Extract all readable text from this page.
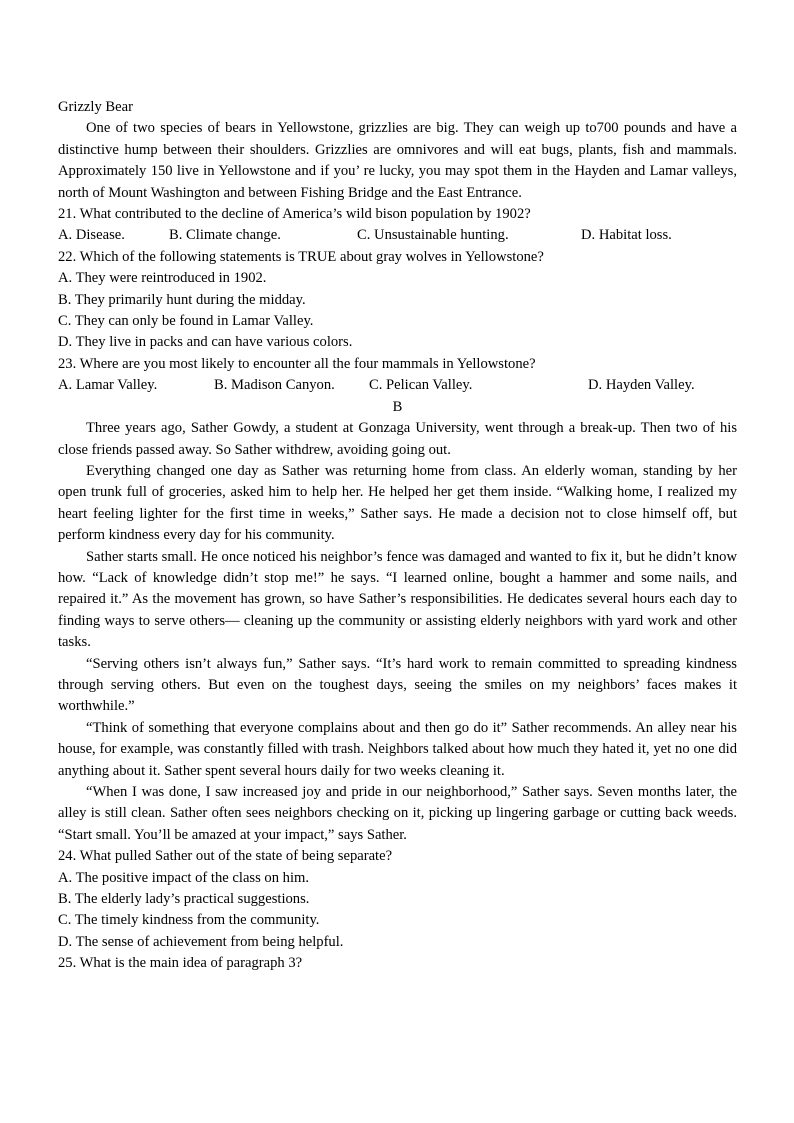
Grizzly Bear

One of two species of bears in Yellowstone, grizzlies are big. They can weigh up to700 pounds and have a distinctive hump between their shoulders. Grizzlies are omnivores and will eat bugs, plants, fish and mammals. Approximately 150 live in Yellowstone and if you’ re lucky, you may spot them in the Hayden and Lamar valleys, north of Mount Washington and between Fishing Bridge and the East Entrance.

21. What contributed to the decline of America’s wild bison population by 1902?

A. Disease.	B. Climate change.	C. Unsustainable hunting.	D. Habitat loss.

22. Which of the following statements is TRUE about gray wolves in Yellowstone?

A. They were reintroduced in 1902.

B. They primarily hunt during the midday.

C. They can only be found in Lamar Valley.

D. They live in packs and can have various colors.

23. Where are you most likely to encounter all the four mammals in Yellowstone?

A. Lamar Valley.	B. Madison Canyon.	C. Pelican Valley.	D. Hayden Valley.

B

Three years ago, Sather Gowdy, a student at Gonzaga University, went through a break-up. Then two of his close friends passed away. So Sather withdrew, avoiding going out.

Everything changed one day as Sather was returning home from class. An elderly woman, standing by her open trunk full of groceries, asked him to help her. He helped her get them inside. “Walking home, I realized my heart feeling lighter for the first time in weeks,” Sather says. He made a decision not to close himself off, but perform kindness every day for his community.

Sather starts small. He once noticed his neighbor’s fence was damaged and wanted to fix it, but he didn’t know how. “Lack of knowledge didn’t stop me!” he says. “I learned online, bought a hammer and some nails, and repaired it.” As the movement has grown, so have Sather’s responsibilities. He dedicates several hours each day to finding ways to serve others— cleaning up the community or assisting elderly neighbors with yard work and other tasks.

“Serving others isn’t always fun,” Sather says. “It’s hard work to remain committed to spreading kindness through serving others. But even on the toughest days, seeing the smiles on my neighbors’ faces makes it worthwhile.”

“Think of something that everyone complains about and then go do it” Sather recommends. An alley near his house, for example, was constantly filled with trash. Neighbors talked about how much they hated it, yet no one did anything about it. Sather spent several hours daily for two weeks cleaning it.

“When I was done, I saw increased joy and pride in our neighborhood,” Sather says. Seven months later, the alley is still clean. Sather often sees neighbors checking on it, picking up lingering garbage or cutting back weeds. “Start small. You’ll be amazed at your impact,” says Sather.

24. What pulled Sather out of the state of being separate?

A. The positive impact of the class on him.

B. The elderly lady’s practical suggestions.

C. The timely kindness from the community.

D. The sense of achievement from being helpful.

25. What is the main idea of paragraph 3?
